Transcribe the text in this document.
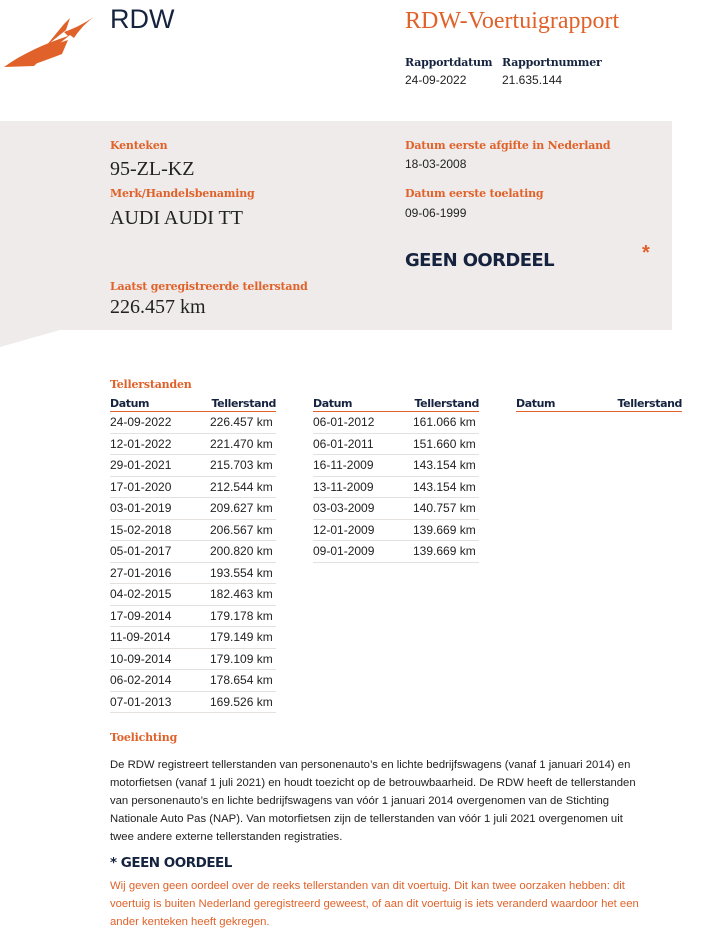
RDW	RDW-Voertuigrapport
Rapportdatum
24-09-2022
Rapportnummer
21.635.144
Kenteken
95-ZL-KZ
Merk/Handelsbenaming
AUDI AUDI TT
Datum eerste afgifte in Nederland
18-03-2008
Datum eerste toelating
09-06-1999
GEEN OORDEEL	*
Laatst geregistreerde tellerstand
226.457 km
Tellerstanden
Datum	Tellerstand
24-09-2022	226.457 km
12-01-2022	221.470 km
29-01-2021	215.703 km
17-01-2020	212.544 km
03-01-2019	209.627 km
15-02-2018	206.567 km
05-01-2017	200.820 km
27-01-2016	193.554 km
04-02-2015	182.463 km
17-09-2014	179.178 km
11-09-2014	179.149 km
10-09-2014	179.109 km
06-02-2014	178.654 km
07-01-2013	169.526 km
Datum	Tellerstand
06-01-2012	161.066 km
06-01-2011	151.660 km
16-11-2009	143.154 km
13-11-2009	143.154 km
03-03-2009	140.757 km
12-01-2009	139.669 km
09-01-2009	139.669 km
Datum	Tellerstand
Toelichting
De RDW registreert tellerstanden van personenauto’s en lichte bedrijfswagens (vanaf 1 januari 2014) en
motorfietsen (vanaf 1 juli 2021) en houdt toezicht op de betrouwbaarheid. De RDW heeft de tellerstanden
van personenauto’s en lichte bedrijfswagens van vóór 1 januari 2014 overgenomen van de Stichting
Nationale Auto Pas (NAP). Van motorfietsen zijn de tellerstanden van vóór 1 juli 2021 overgenomen uit
twee andere externe tellerstanden registraties.
* GEEN OORDEEL
Wij geven geen oordeel over de reeks tellerstanden van dit voertuig. Dit kan twee oorzaken hebben: dit
voertuig is buiten Nederland geregistreerd geweest, of aan dit voertuig is iets veranderd waardoor het een
ander kenteken heeft gekregen.
